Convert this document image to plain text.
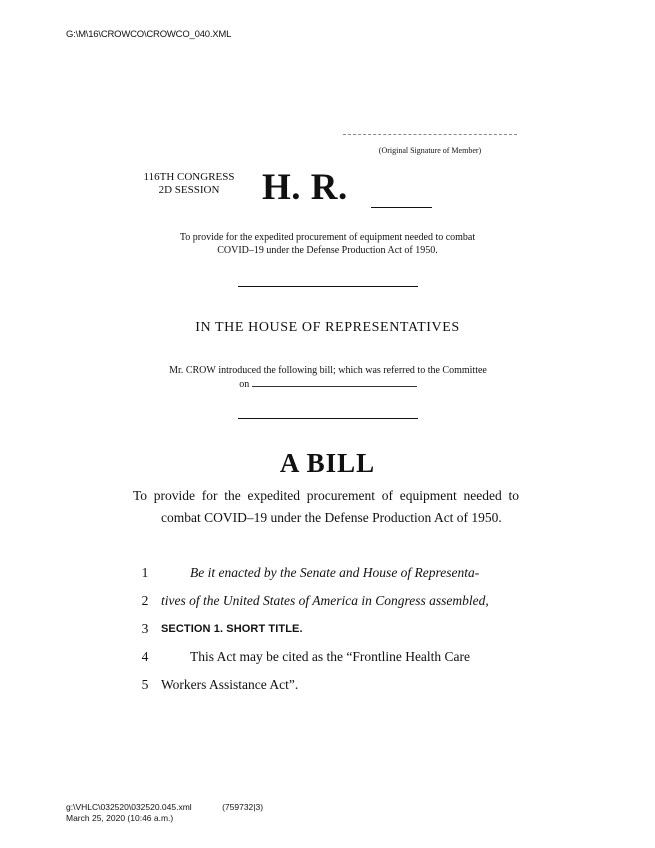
G:\M\16\CROWCO\CROWCO_040.XML
(Original Signature of Member)
116TH CONGRESS
2D SESSION	H. R.
To provide for the expedited procurement of equipment needed to combat
COVID–19 under the Defense Production Act of 1950.
IN THE HOUSE OF REPRESENTATIVES
Mr. CROW introduced the following bill; which was referred to the Committee
on
A BILL
To provide for the expedited procurement of equipment needed to combat COVID–19 under the Defense Production Act of 1950.
1	Be it enacted by the Senate and House of Representa-
2 tives of the United States of America in Congress assembled,
3	SECTION 1. SHORT TITLE.
4	This Act may be cited as the “Frontline Health Care
5 Workers Assistance Act”.
g:\VHLC\032520\032520.045.xml	(759732|3)
March 25, 2020 (10:46 a.m.)
